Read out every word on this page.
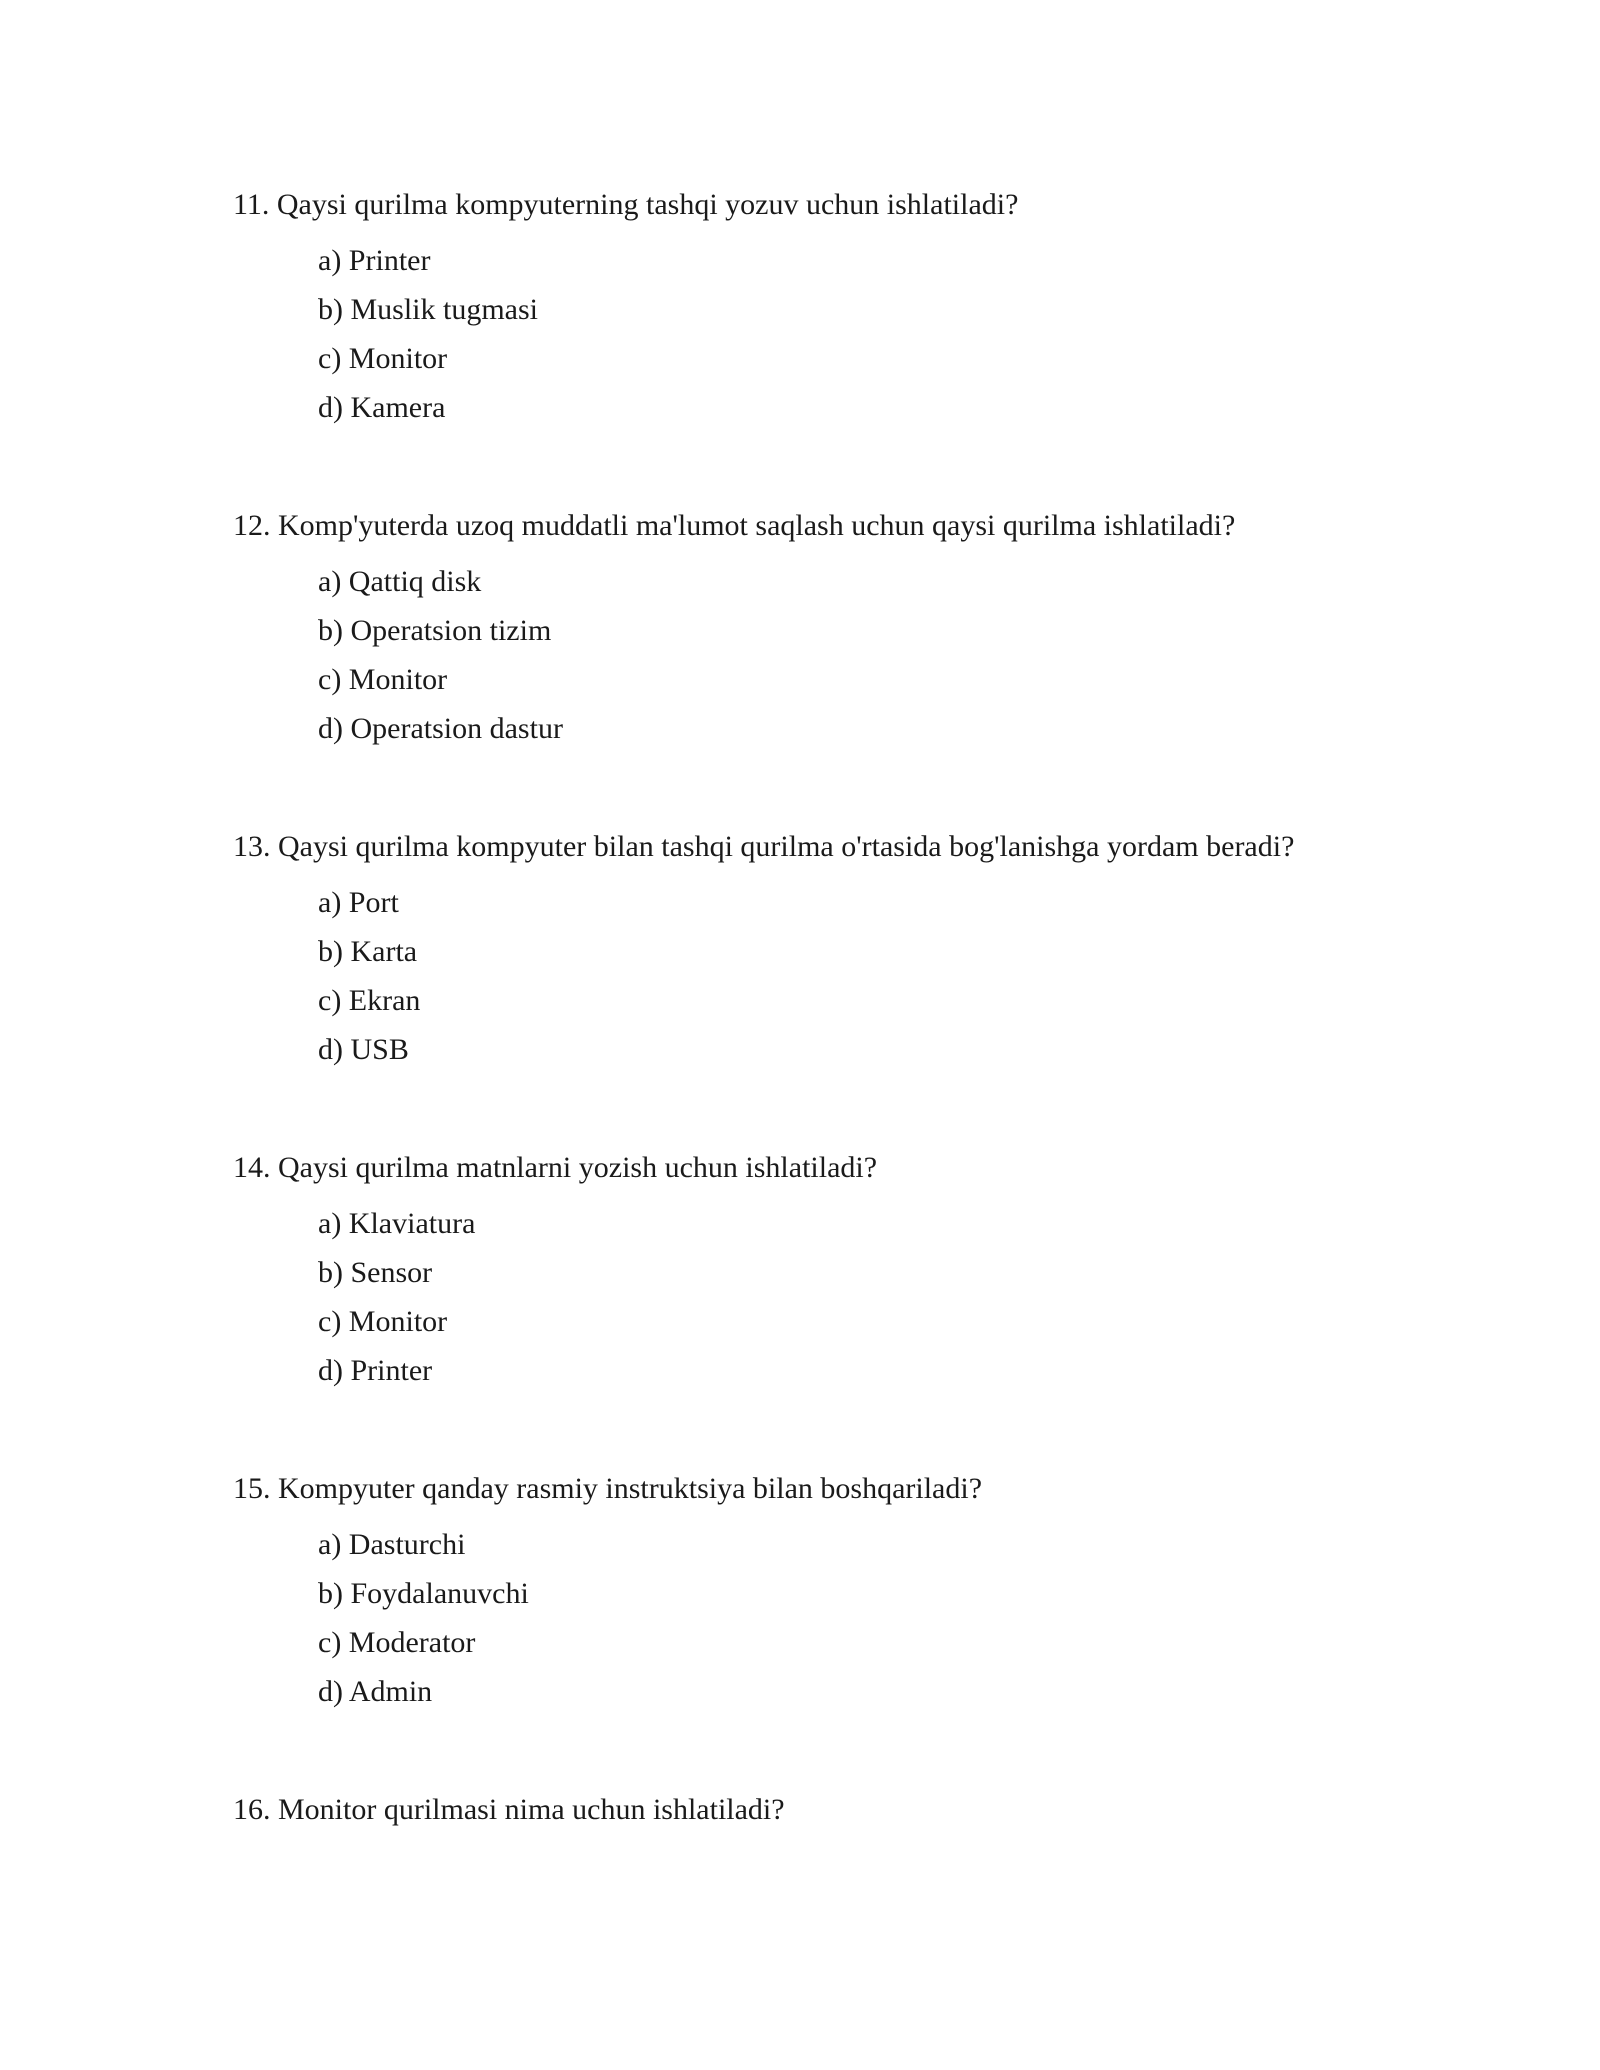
11. Qaysi qurilma kompyuterning tashqi yozuv uchun ishlatiladi?
a) Printer
b) Muslik tugmasi
c) Monitor
d) Kamera
12. Komp'yuterda uzoq muddatli ma'lumot saqlash uchun qaysi qurilma ishlatiladi?
a) Qattiq disk
b) Operatsion tizim
c) Monitor
d) Operatsion dastur
13. Qaysi qurilma kompyuter bilan tashqi qurilma o'rtasida bog'lanishga yordam beradi?
a) Port
b) Karta
c) Ekran
d) USB
14. Qaysi qurilma matnlarni yozish uchun ishlatiladi?
a) Klaviatura
b) Sensor
c) Monitor
d) Printer
15. Kompyuter qanday rasmiy instruktsiya bilan boshqariladi?
a) Dasturchi
b) Foydalanuvchi
c) Moderator
d) Admin
16. Monitor qurilmasi nima uchun ishlatiladi?
